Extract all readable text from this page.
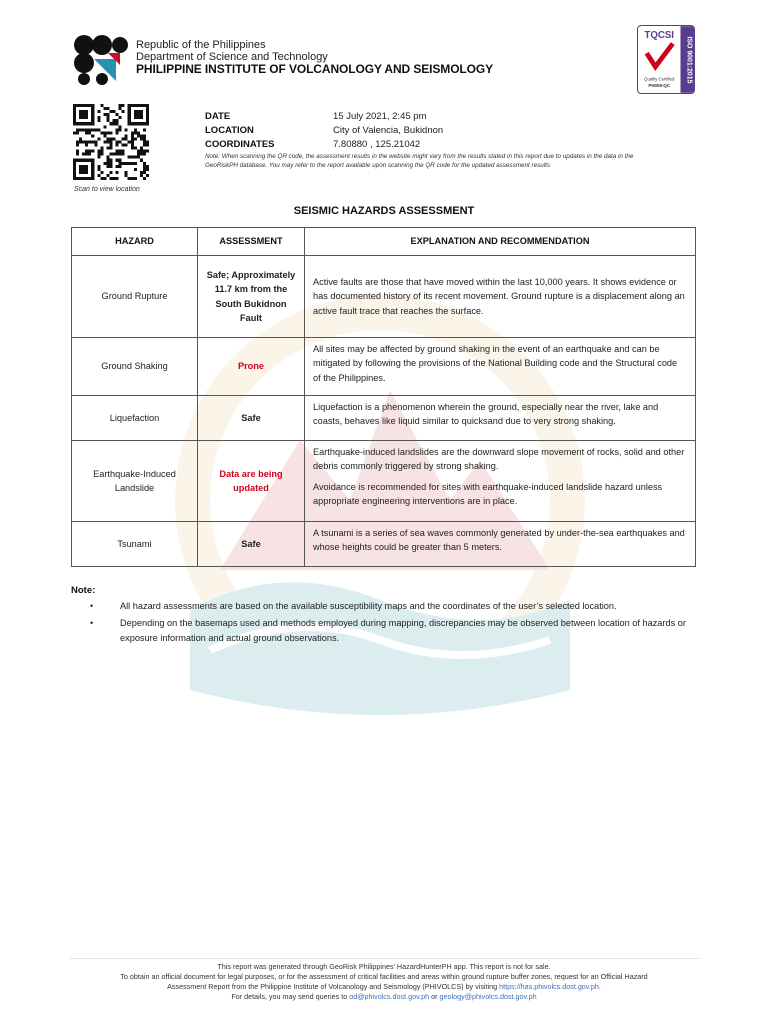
Republic of the Philippines
Department of Science and Technology
PHILIPPINE INSTITUTE OF VOLCANOLOGY AND SEISMOLOGY	ISO 9001:2015
TQCSI
Quality Certified
PH059-QC
Scan to view location
DATE	15 July 2021, 2:45 pm
LOCATION	City of Valencia, Bukidnon
COORDINATES	7.80880 , 125.21042
Note: When scanning the QR code, the assessment results in the website might vary from the results stated in this report due to updates in the data in the GeoRiskPH database. You may refer to the report available upon scanning the QR code for the updated assessment results
SEISMIC HAZARDS ASSESSMENT
HAZARD	ASSESSMENT	EXPLANATION AND RECOMMENDATION
Ground Rupture	Safe; Approximately 11.7 km from the South Bukidnon Fault	Active faults are those that have moved within the last 10,000 years. It shows evidence or has documented history of its recent movement. Ground rupture is a displacement along an active fault trace that reaches the surface.

Ground Shaking	Prone	All sites may be affected by ground shaking in the event of an earthquake and can be mitigated by following the provisions of the National Building code and the Structural code of the Philippines.

Liquefaction	Safe	Liquefaction is a phenomenon wherein the ground, especially near the river, lake and coasts, behaves like liquid similar to quicksand due to very strong shaking.

Earthquake-Induced Landslide	Data are being updated	Earthquake-induced landslides are the downward slope movement of rocks, solid and other debris commonly triggered by strong shaking.
Avoidance is recommended for sites with earthquake-induced landslide hazard unless appropriate engineering interventions are in place.

Tsunami	Safe	A tsunami is a series of sea waves commonly generated by under-the-sea earthquakes and whose heights could be greater than 5 meters.
Note:
•	All hazard assessments are based on the available susceptibility maps and the coordinates of the user’s selected location.
•	Depending on the basemaps used and methods employed during mapping, discrepancies may be observed between location of hazards or exposure information and actual ground observations.
This report was generated through GeoRisk Philippines’ HazardHunterPH app. This report is not for sale.
To obtain an official document for legal purposes, or for the assessment of critical facilities and areas within ground rupture buffer zones, request for an Official Hazard
Assessment Report from the Philippine Institute of Volcanology and Seismology (PHIVOLCS) by visiting https://has.phivolcs.dost.gov.ph.
For details, you may send queries to od@phivolcs.dost.gov.ph or geology@phivolcs.dost.gov.ph
